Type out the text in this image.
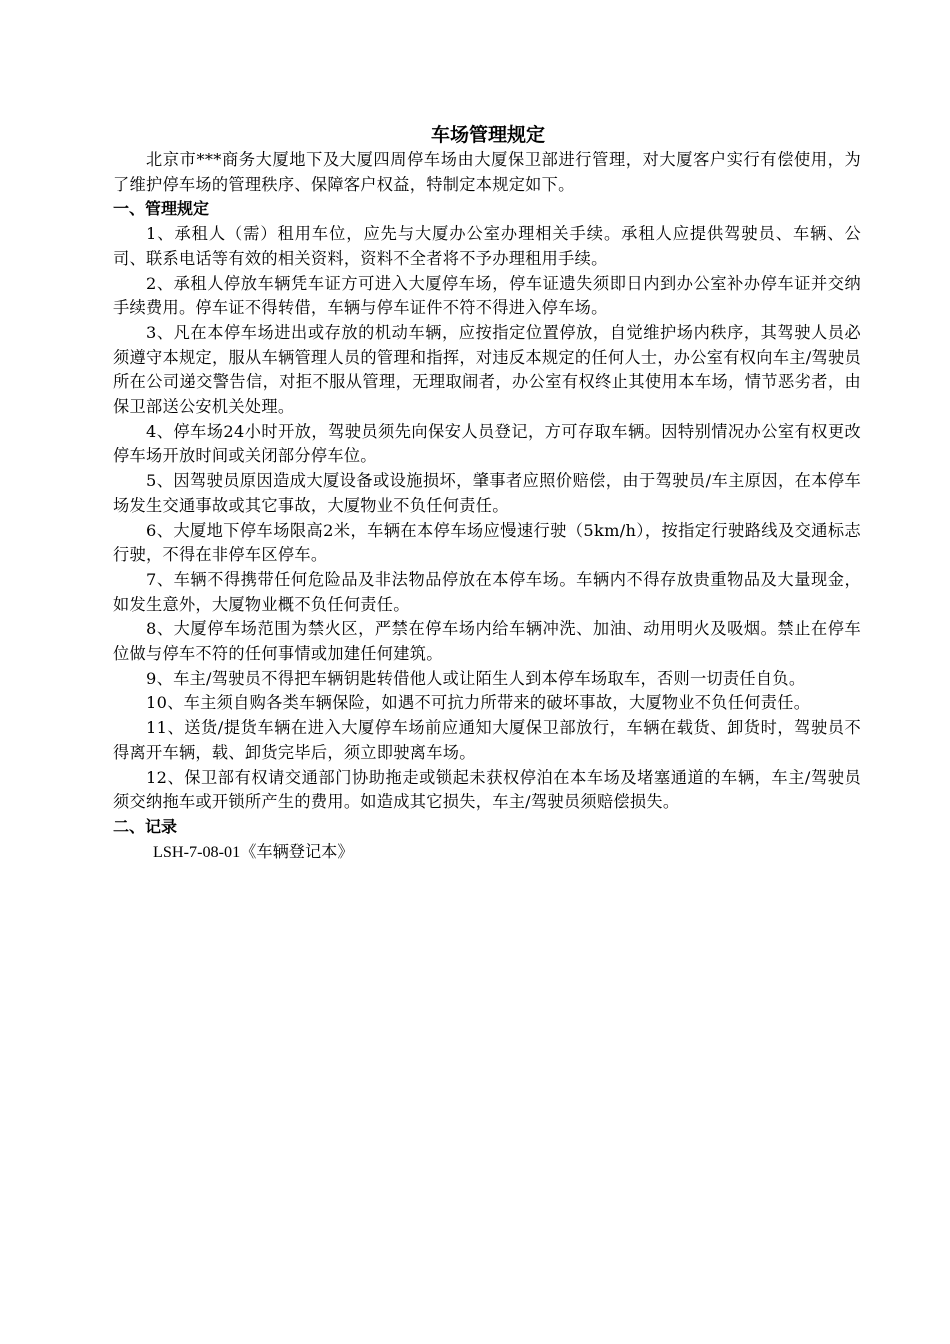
车场管理规定

北京市***商务大厦地下及大厦四周停车场由大厦保卫部进行管理，对大厦客户实行有偿使用，为了维护停车场的管理秩序、保障客户权益，特制定本规定如下。

一、管理规定

1、承租人（需）租用车位，应先与大厦办公室办理相关手续。承租人应提供驾驶员、车辆、公司、联系电话等有效的相关资料，资料不全者将不予办理租用手续。

2、承租人停放车辆凭车证方可进入大厦停车场，停车证遗失须即日内到办公室补办停车证并交纳手续费用。停车证不得转借，车辆与停车证件不符不得进入停车场。

3、凡在本停车场进出或存放的机动车辆，应按指定位置停放，自觉维护场内秩序，其驾驶人员必须遵守本规定，服从车辆管理人员的管理和指挥，对违反本规定的任何人士，办公室有权向车主/驾驶员所在公司递交警告信，对拒不服从管理，无理取闹者，办公室有权终止其使用本车场，情节恶劣者，由保卫部送公安机关处理。

4、停车场24小时开放，驾驶员须先向保安人员登记，方可存取车辆。因特别情况办公室有权更改停车场开放时间或关闭部分停车位。

5、因驾驶员原因造成大厦设备或设施损坏，肇事者应照价赔偿，由于驾驶员/车主原因，在本停车场发生交通事故或其它事故，大厦物业不负任何责任。

6、大厦地下停车场限高2米，车辆在本停车场应慢速行驶（5km/h），按指定行驶路线及交通标志行驶，不得在非停车区停车。

7、车辆不得携带任何危险品及非法物品停放在本停车场。车辆内不得存放贵重物品及大量现金，如发生意外，大厦物业概不负任何责任。

8、大厦停车场范围为禁火区，严禁在停车场内给车辆冲洗、加油、动用明火及吸烟。禁止在停车位做与停车不符的任何事情或加建任何建筑。

9、车主/驾驶员不得把车辆钥匙转借他人或让陌生人到本停车场取车，否则一切责任自负。

10、车主须自购各类车辆保险，如遇不可抗力所带来的破坏事故，大厦物业不负任何责任。

11、送货/提货车辆在进入大厦停车场前应通知大厦保卫部放行，车辆在载货、卸货时，驾驶员不得离开车辆，载、卸货完毕后，须立即驶离车场。

12、保卫部有权请交通部门协助拖走或锁起未获权停泊在本车场及堵塞通道的车辆，车主/驾驶员须交纳拖车或开锁所产生的费用。如造成其它损失，车主/驾驶员须赔偿损失。

二、记录

LSH-7-08-01《车辆登记本》
